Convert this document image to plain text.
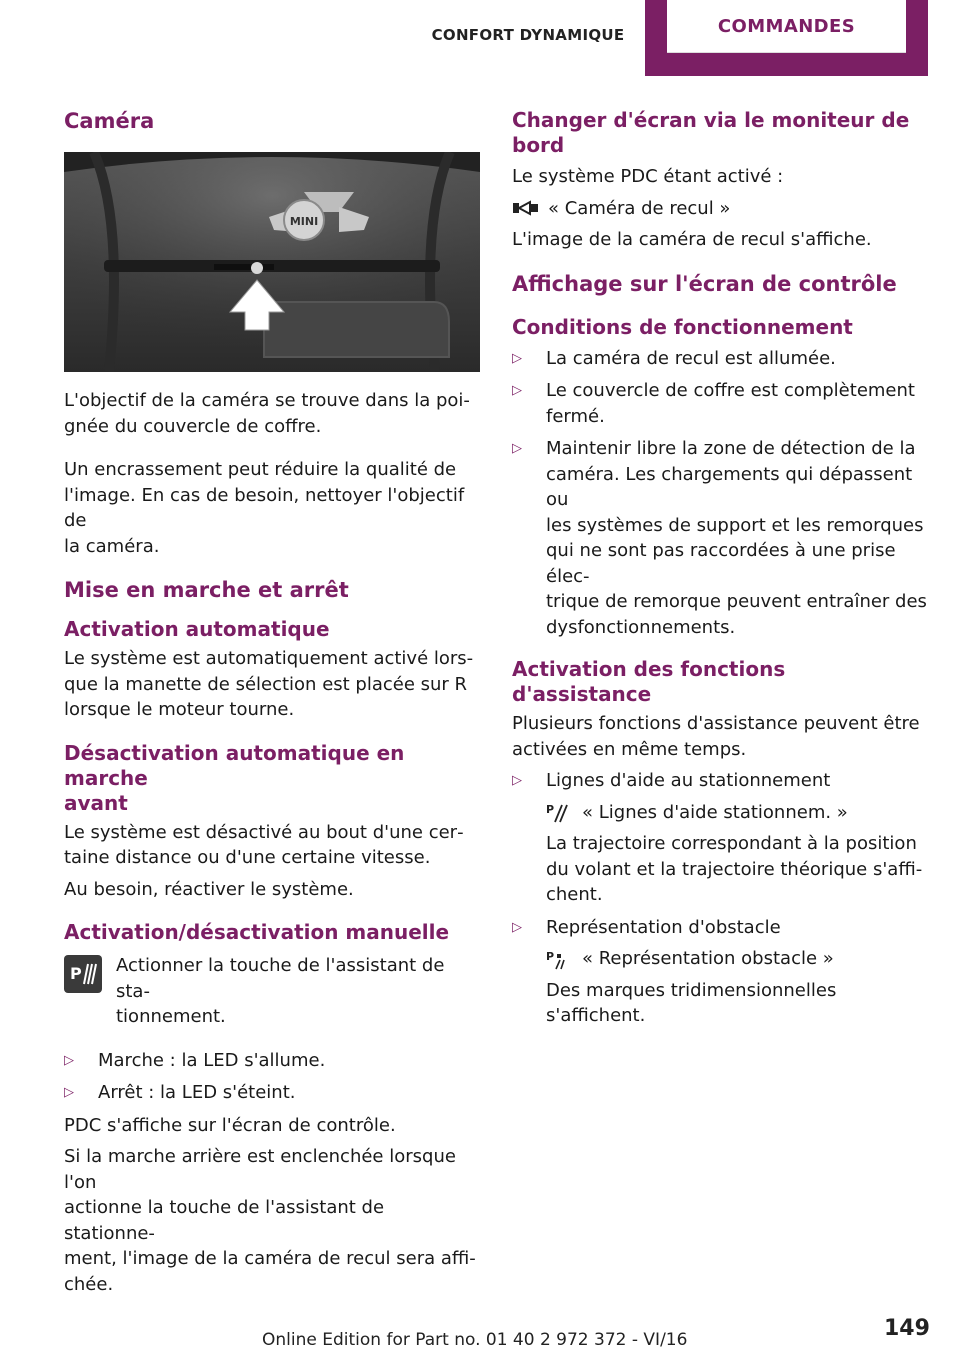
CONFORT DYNAMIQUE	COMMANDES
Caméra
MINI

L'objectif de la caméra se trouve dans la poi‐
gnée du couvercle de coffre.

Un encrassement peut réduire la qualité de
l'image. En cas de besoin, nettoyer l'objectif de
la caméra.

Mise en marche et arrêt
Activation automatique

Le système est automatiquement activé lors‐
que la manette de sélection est placée sur R
lorsque le moteur tourne.

Désactivation automatique en marche
avant

Le système est désactivé au bout d'une cer‐
taine distance ou d'une certaine vitesse.

Au besoin, réactiver le système.

Activation/désactivation manuelle
P Actionner la touche de l'assistant de sta‐
tionnement.

▷	Marche : la LED s'allume.
▷	Arrêt : la LED s'éteint.

PDC s'affiche sur l'écran de contrôle.

Si la marche arrière est enclenchée lorsque l'on
actionne la touche de l'assistant de stationne‐
ment, l'image de la caméra de recul sera affi‐
chée.

Changer d'écran via le moniteur de
bord

Le système PDC étant activé :

« Caméra de recul »

L'image de la caméra de recul s'affiche.

Affichage sur l'écran de contrôle
Conditions de fonctionnement
▷	La caméra de recul est allumée.
▷	Le couvercle de coffre est complètement
fermé.
▷	Maintenir libre la zone de détection de la
caméra. Les chargements qui dépassent ou
les systèmes de support et les remorques
qui ne sont pas raccordées à une prise élec‐
trique de remorque peuvent entraîner des
dysfonctionnements.
Activation des fonctions d'assistance

Plusieurs fonctions d'assistance peuvent être
activées en même temps.

▷	Lignes d'aide au stationnement
P « Lignes d'aide stationnem. »
La trajectoire correspondant à la position
du volant et la trajectoire théorique s'affi‐
chent.
▷	Représentation d'obstacle
P « Représentation obstacle »
Des marques tridimensionnelles s'affichent.
149
Online Edition for Part no. 01 40 2 972 372 - VI/16
